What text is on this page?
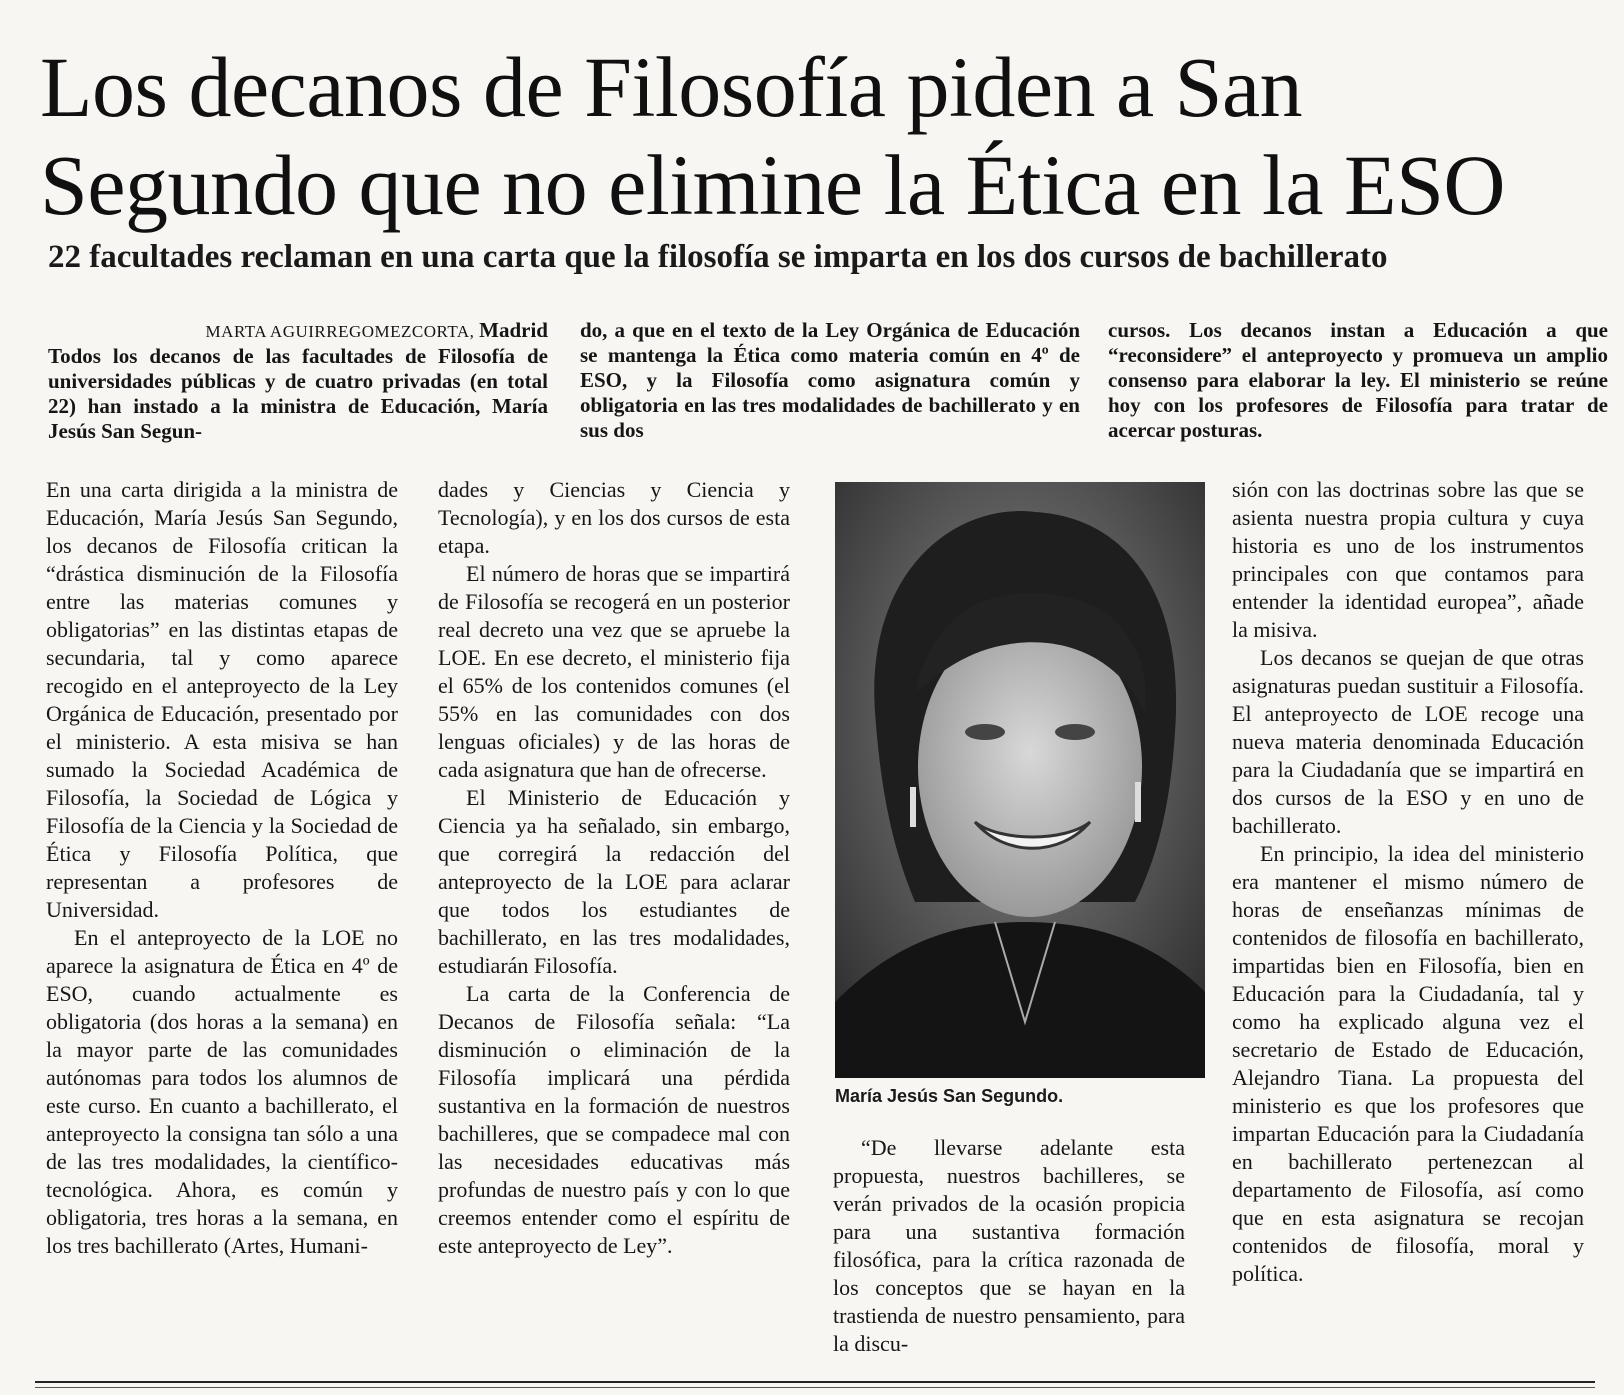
Los decanos de Filosofía piden a San
Segundo que no elimine la Ética en la ESO
22 facultades reclaman en una carta que la filosofía se imparta en los dos cursos de bachillerato
MARTA AGUIRREGOMEZCORTA, Madrid

Todos los decanos de las facultades de Filosofía de universidades públicas y de cuatro privadas (en total 22) han instado a la ministra de Educación, María Jesús San Segun-

do, a que en el texto de la Ley Orgánica de Educación se mantenga la Ética como materia común en 4º de ESO, y la Filosofía como asignatura común y obligatoria en las tres modalidades de bachillerato y en sus dos

cursos. Los decanos instan a Educación a que “reconsidere” el anteproyecto y promueva un amplio consenso para elaborar la ley. El ministerio se reúne hoy con los profesores de Filosofía para tratar de acercar posturas.

En una carta dirigida a la ministra de Educación, María Jesús San Segundo, los decanos de Filosofía critican la “drástica disminución de la Filosofía entre las materias comunes y obligatorias” en las distintas etapas de secundaria, tal y como aparece recogido en el anteproyecto de la Ley Orgánica de Educación, presentado por el ministerio. A esta misiva se han sumado la Sociedad Académica de Filosofía, la Sociedad de Lógica y Filosofía de la Ciencia y la Sociedad de Ética y Filosofía Política, que representan a profesores de Universidad.

En el anteproyecto de la LOE no aparece la asignatura de Ética en 4º de ESO, cuando actualmente es obligatoria (dos horas a la semana) en la mayor parte de las comunidades autónomas para todos los alumnos de este curso. En cuanto a bachillerato, el anteproyecto la consigna tan sólo a una de las tres modalidades, la científico-tecnológica. Ahora, es común y obligatoria, tres horas a la semana, en los tres bachillerato (Artes, Humani-

dades y Ciencias y Ciencia y Tecnología), y en los dos cursos de esta etapa.

El número de horas que se impartirá de Filosofía se recogerá en un posterior real decreto una vez que se apruebe la LOE. En ese decreto, el ministerio fija el 65% de los contenidos comunes (el 55% en las comunidades con dos lenguas oficiales) y de las horas de cada asignatura que han de ofrecerse.

El Ministerio de Educación y Ciencia ya ha señalado, sin embargo, que corregirá la redacción del anteproyecto de la LOE para aclarar que todos los estudiantes de bachillerato, en las tres modalidades, estudiarán Filosofía.

La carta de la Conferencia de Decanos de Filosofía señala: “La disminución o eliminación de la Filosofía implicará una pérdida sustantiva en la formación de nuestros bachilleres, que se compadece mal con las necesidades educativas más profundas de nuestro país y con lo que creemos entender como el espíritu de este anteproyecto de Ley”.

María Jesús San Segundo.

“De llevarse adelante esta propuesta, nuestros bachilleres, se verán privados de la ocasión propicia para una sustantiva formación filosófica, para la crítica razonada de los conceptos que se hayan en la trastienda de nuestro pensamiento, para la discu-

sión con las doctrinas sobre las que se asienta nuestra propia cultura y cuya historia es uno de los instrumentos principales con que contamos para entender la identidad europea”, añade la misiva.

Los decanos se quejan de que otras asignaturas puedan sustituir a Filosofía. El anteproyecto de LOE recoge una nueva materia denominada Educación para la Ciudadanía que se impartirá en dos cursos de la ESO y en uno de bachillerato.

En principio, la idea del ministerio era mantener el mismo número de horas de enseñanzas mínimas de contenidos de filosofía en bachillerato, impartidas bien en Filosofía, bien en Educación para la Ciudadanía, tal y como ha explicado alguna vez el secretario de Estado de Educación, Alejandro Tiana. La propuesta del ministerio es que los profesores que impartan Educación para la Ciudadanía en bachillerato pertenezcan al departamento de Filosofía, así como que en esta asignatura se recojan contenidos de filosofía, moral y política.
